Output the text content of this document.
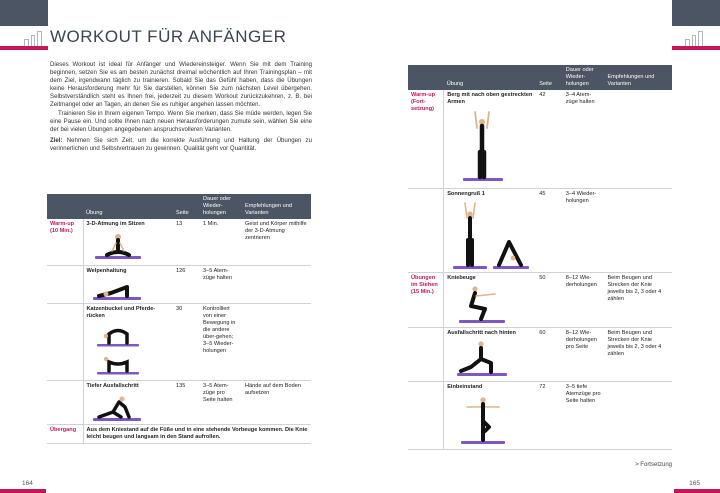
WORKOUT FÜR ANFÄNGER

Dieses Workout ist ideal für Anfänger und Wiedereinsteiger. Wenn Sie mit dem Training beginnen, setzen Sie es am besten zunächst dreimal wöchentlich auf Ihren Trainingsplan – mit dem Ziel, irgendwann täglich zu trainieren. Sobald Sie das Gefühl haben, dass die Übungen keine Herausforderung mehr für Sie darstellen, können Sie zum nächsten Level übergehen. Selbstverständlich steht es Ihnen frei, jederzeit zu diesem Workout zurückzukehren, z. B. bei Zeitmangel oder an Tagen, an denen Sie es ruhiger angehen lassen möchten.

Trainieren Sie in Ihrem eigenen Tempo. Wenn Sie merken, dass Sie müde werden, legen Sie eine Pause ein. Und sollte Ihnen nach neuen Herausforderungen zumute sein, wählen Sie eine der bei vielen Übungen angegebenen anspruchsvolleren Varianten.

Ziel: Nehmen Sie sich Zeit, um die korrekte Ausführung und Haltung der Übungen zu verinnerlichen und Selbstvertrauen zu gewinnen. Qualität geht vor Quantität.

	Übung	Seite	Dauer oder Wieder-holungen	Empfehlungen und Varianten
Warm-up (10 Min.)	3-D-Atmung im Sitzen	13	1 Min.	Geist und Körper mithilfe der 3-D-Atmung zentrieren
	Welpenhaltung	126	3–5 Atem-züge halten	
	Katzenbuckel und Pferde-rücken	30	Kontrolliert von einer Bewegung in die andere über-gehen; 3–5 Wieder-holungen	
	Tiefer Ausfallschritt	135	3–5 Atem-züge pro Seite halten	Hände auf dem Boden aufsetzen
Übergang	Aus dem Kniestand auf die Füße und in eine stehende Vorbeuge kommen. Die Knie leicht beugen und langsam in den Stand aufrollen.			
164
	Übung	Seite	Dauer oder Wieder-holungen	Empfehlungen und Varianten
Warm-up (Fort-setzung)	Berg mit nach oben gestreckten Armen	42	3–4 Atem-züge halten	
	Sonnengruß 1	45	3–4 Wieder-holungen	
Übungen im Stehen (15 Min.)	Kniebeuge	50	8–12 Wie-derholungen	Beim Beugen und Strecken der Knie jeweils bis 2, 3 oder 4 zählen
	Ausfallschritt nach hinten	60	8–12 Wie-derholungen pro Seite	Beim Beugen und Strecken der Knie jeweils bis 2, 3 oder 4 zählen
	Einbeinstand	72	3–5 tiefe Atemzüge pro Seite halten	
> Fortsetzung
165
